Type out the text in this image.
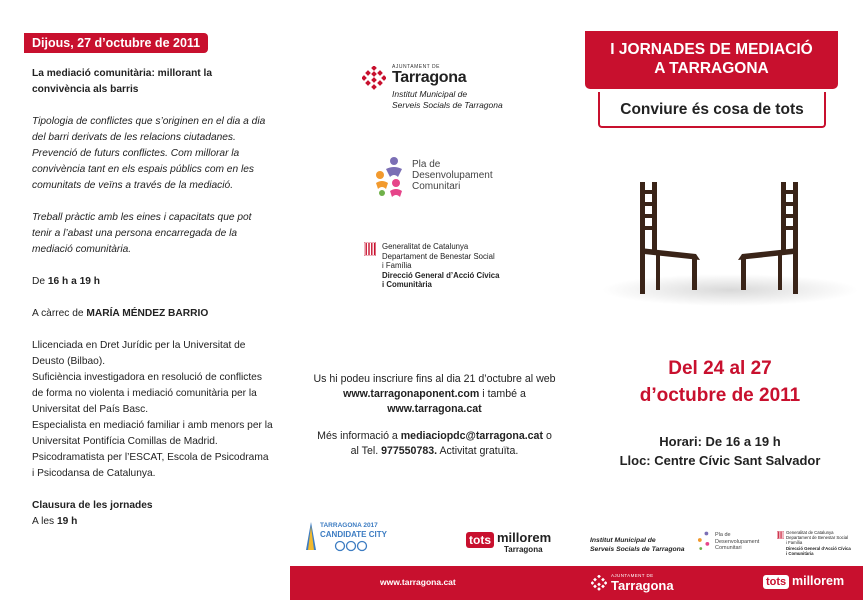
Dijous, 27 d’octubre de 2011

La mediació comunitària: millorant la convivència als barris

Tipologia de conflictes que s’originen en el dia a dia del barri derivats de les relacions ciutadanes. Prevenció de futurs conflictes. Com millorar la convivència tant en els espais públics com en les comunitats de veïns a través de la mediació.

Treball pràctic amb les eines i capacitats que pot tenir a l’abast una persona encarregada de la mediació comunitària.

De 16 h a 19 h

A càrrec de MARÍA MÉNDEZ BARRIO

Llicenciada en Dret Jurídic per la Universitat de Deusto (Bilbao).
Suficiència investigadora en resolució de conflictes de forma no violenta i mediació comunitària per la Universitat del País Basc.
Especialista en mediació familiar i amb menors per la Universitat Pontifícia Comillas de Madrid.
Psicodramatista per l’ESCAT, Escola de Psicodrama i Psicodansa de Catalunya.

Clausura de les jornades
A les 19 h

AJUNTAMENT DE
Tarragona
Institut Municipal de
Serveis Socials de Tarragona
Pla de
Desenvolupament
Comunitari
Generalitat de Catalunya
Departament de Benestar Social
i Família
Direcció General d’Acció Cívica
i Comunitària

Us hi podeu inscriure fins al dia 21 d’octubre al web www.tarragonaponent.com i també a
www.tarragona.cat

Més informació a mediaciopdc@tarragona.cat o al Tel. 977550783. Activitat gratuïta.

TARRAGONA 2017
CANDIDATE CITY	tots millorem
Tarragona
www.tarragona.cat
Institut Municipal de
Serveis Socials de Tarragona
Pla de
Desenvolupament
Comunitari
Generalitat de Catalunya
Departament de Benestar Social
i Família
Direcció General d’Acció Cívica
i Comunitària
AJUNTAMENT DE
Tarragona	tots millorem
I JORNADES DE MEDIACIÓ
A TARRAGONA
Conviure és cosa de tots
Del 24 al 27
d’octubre de 2011
Horari: De 16 a 19 h
Lloc: Centre Cívic Sant Salvador
